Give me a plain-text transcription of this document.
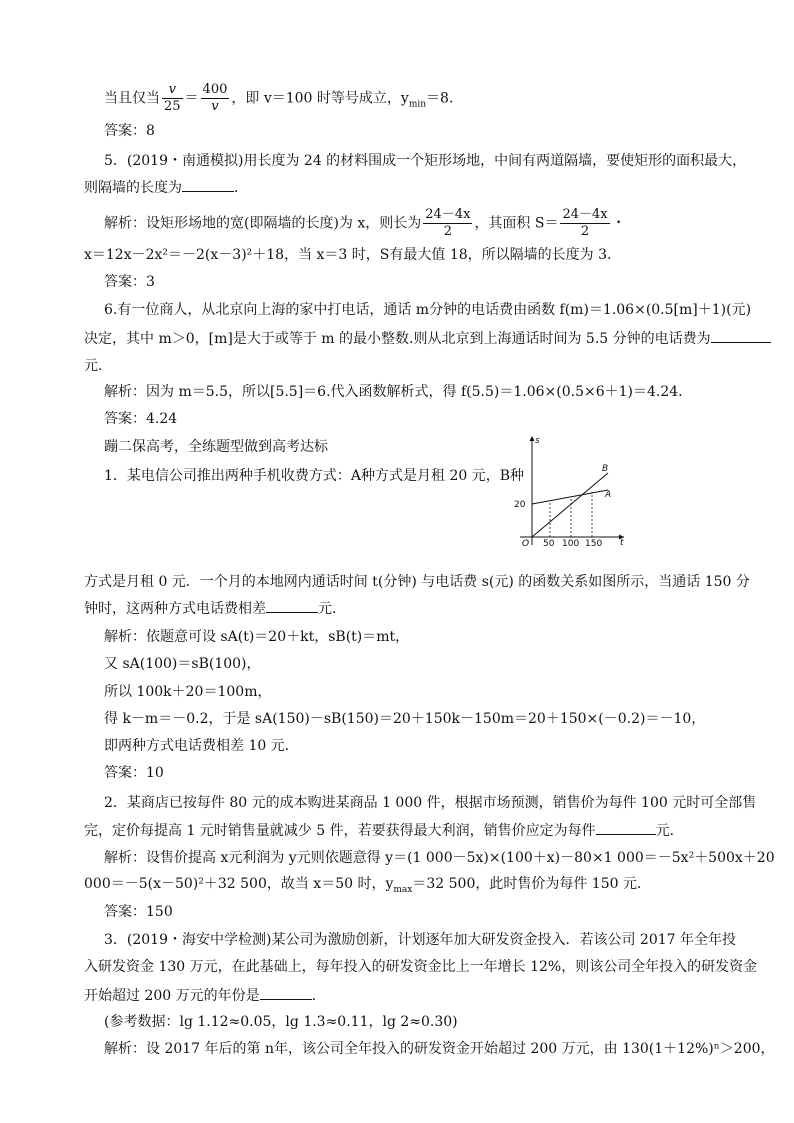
当且仅当 $\frac{v}{25} = \frac{400}{v}$ ，即 v＝100 时等号成立，$y_{min}=8$.
答案：8
5．(2019・南通模拟)用长度为 24 的材料围成一个矩形场地，中间有两道隔墙，要使矩形的面积最大，
则隔墙的长度为	．
解析：设矩形场地的宽(即隔墙的长度)为 x，则长为 $\frac{24-4x}{2}$ ，其面积 $S= \frac{24-4x}{2}$ ・
x＝12x－2x²＝－2(x－3)²＋18，当 x＝3 时，S有最大值 18，所以隔墙的长度为 3.
答案：3
6.有一位商人，从北京向上海的家中打电话，通话 m分钟的电话费由函数 f(m)＝1.06×(0.5[m]＋1)(元)
决定，其中 m＞0，[m]是大于或等于 m 的最小整数.则从北京到上海通话时间为 5.5 分钟的电话费为
元.
解析：因为 m＝5.5，所以[5.5]＝6.代入函数解析式，得 f(5.5)＝1.06×(0.5×6＋1)＝4.24.
答案：4.24
蹦二保高考，全练题型做到高考达标
1．某电信公司推出两种手机收费方式：A种方式是月租 20 元，B种
s
t
O
20
50 100 150
B
A
方式是月租 0 元．一个月的本地网内通话时间 t(分钟) 与电话费 s(元) 的函数关系如图所示，当通话 150 分
钟时，这两种方式电话费相差	元．
解析：依题意可设 sA(t)＝20＋kt，sB(t)＝mt，
又 sA(100)＝sB(100)，
所以 100k＋20＝100m，
得 k－m＝－0.2，于是 sA(150)－sB(150)＝20＋150k－150m＝20＋150×(－0.2)＝－10，
即两种方式电话费相差 10 元．
答案：10
2．某商店已按每件 80 元的成本购进某商品 1 000 件，根据市场预测，销售价为每件 100 元时可全部售
完，定价每提高 1 元时销售量就减少 5 件，若要获得最大利润，销售价应定为每件	元．
解析：设售价提高 x元利润为 y元则依题意得 y＝(1 000－5x)×(100＋x)－80×1 000＝－5x²＋500x＋20
000＝－5(x－50)²＋32 500，故当 x＝50 时，$y_{max}=32$ 500，此时售价为每件 150 元．
答案：150
3．(2019・海安中学检测)某公司为激励创新，计划逐年加大研发资金投入．若该公司 2017 年全年投
入研发资金 130 万元，在此基础上，每年投入的研发资金比上一年增长 12%，则该公司全年投入的研发资金
开始超过 200 万元的年份是	．
(参考数据：lg 1.12≈0.05，lg 1.3≈0.11，lg 2≈0.30)
解析：设 2017 年后的第 n年，该公司全年投入的研发资金开始超过 200 万元，由 130(1＋12%)ⁿ＞200，
